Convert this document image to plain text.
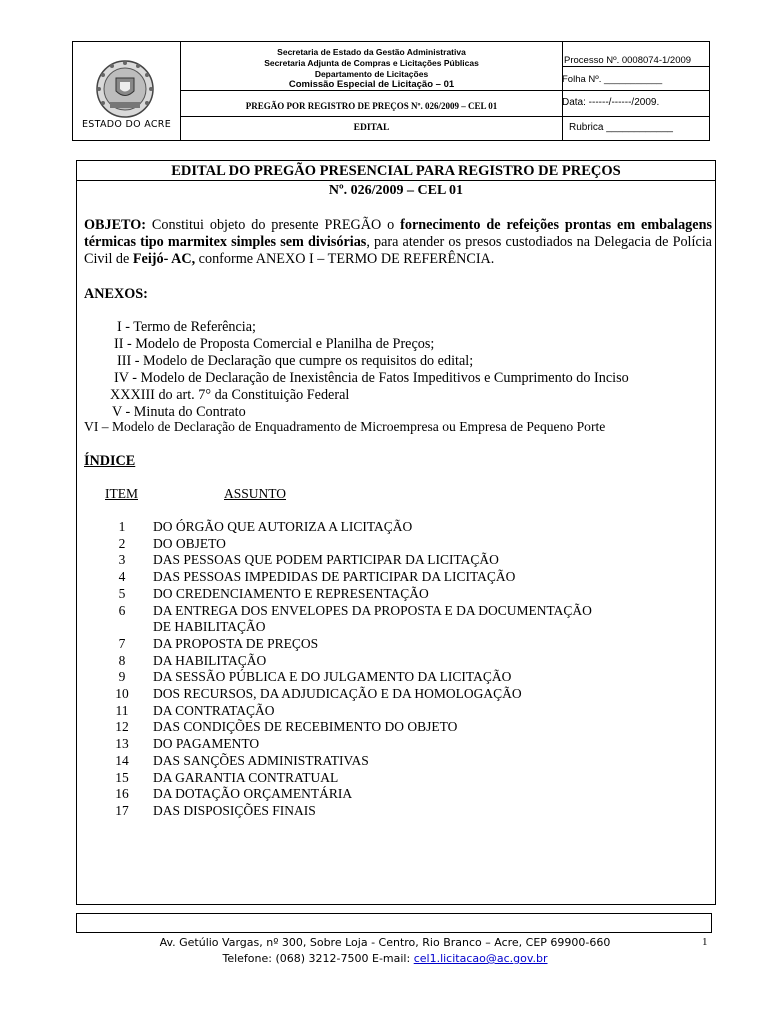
ESTADO DO ACRE
Secretaria de Estado da Gestão Administrativa
Secretaria Adjunta de Compras e Licitações Públicas
Departamento de Licitações
Comissão Especial de Licitação – 01
PREGÃO POR REGISTRO DE PREÇOS Nº. 026/2009 – CEL 01
EDITAL
Processo Nº. 0008074-1/2009
Folha Nº. ___________
Data: ------/------/2009.
Rubrica ____________
EDITAL DO PREGÃO PRESENCIAL PARA REGISTRO DE PREÇOS
Nº. 026/2009 – CEL 01
OBJETO: Constitui objeto do presente PREGÃO o fornecimento de refeições prontas em embalagens térmicas tipo marmitex simples sem divisórias, para atender os presos custodiados na Delegacia de Polícia Civil de Feijó- AC, conforme ANEXO I – TERMO DE REFERÊNCIA.
ANEXOS:
I - Termo de Referência;
II - Modelo de Proposta Comercial e Planilha de Preços;
III - Modelo de Declaração que cumpre os requisitos do edital;
IV - Modelo de Declaração de Inexistência de Fatos Impeditivos e Cumprimento do Inciso
XXXIII do art. 7° da Constituição Federal
V - Minuta do Contrato
VI – Modelo de Declaração de Enquadramento de Microempresa ou Empresa de Pequeno Porte
ÍNDICE
ITEM	ASSUNTO
1	DO ÓRGÃO QUE AUTORIZA A LICITAÇÃO
2	DO OBJETO
3	DAS PESSOAS QUE PODEM PARTICIPAR DA LICITAÇÃO
4	DAS PESSOAS IMPEDIDAS DE PARTICIPAR DA LICITAÇÃO
5	DO CREDENCIAMENTO E REPRESENTAÇÃO
6	DA ENTREGA DOS ENVELOPES DA PROPOSTA E DA DOCUMENTAÇÃO
DE HABILITAÇÃO
7	DA PROPOSTA DE PREÇOS
8	DA HABILITAÇÃO
9	DA SESSÃO PÚBLICA E DO JULGAMENTO DA LICITAÇÃO
10	DOS RECURSOS, DA ADJUDICAÇÃO E DA HOMOLOGAÇÃO
11	DA CONTRATAÇÃO
12	DAS CONDIÇÕES DE RECEBIMENTO DO OBJETO
13	DO PAGAMENTO
14	DAS SANÇÕES ADMINISTRATIVAS
15	DA GARANTIA CONTRATUAL
16	DA DOTAÇÃO ORÇAMENTÁRIA
17	DAS DISPOSIÇÕES FINAIS
Av. Getúlio Vargas, nº 300, Sobre Loja - Centro, Rio Branco – Acre, CEP 69900-660
Telefone: (068) 3212-7500 E-mail: cel1.licitacao@ac.gov.br
1
